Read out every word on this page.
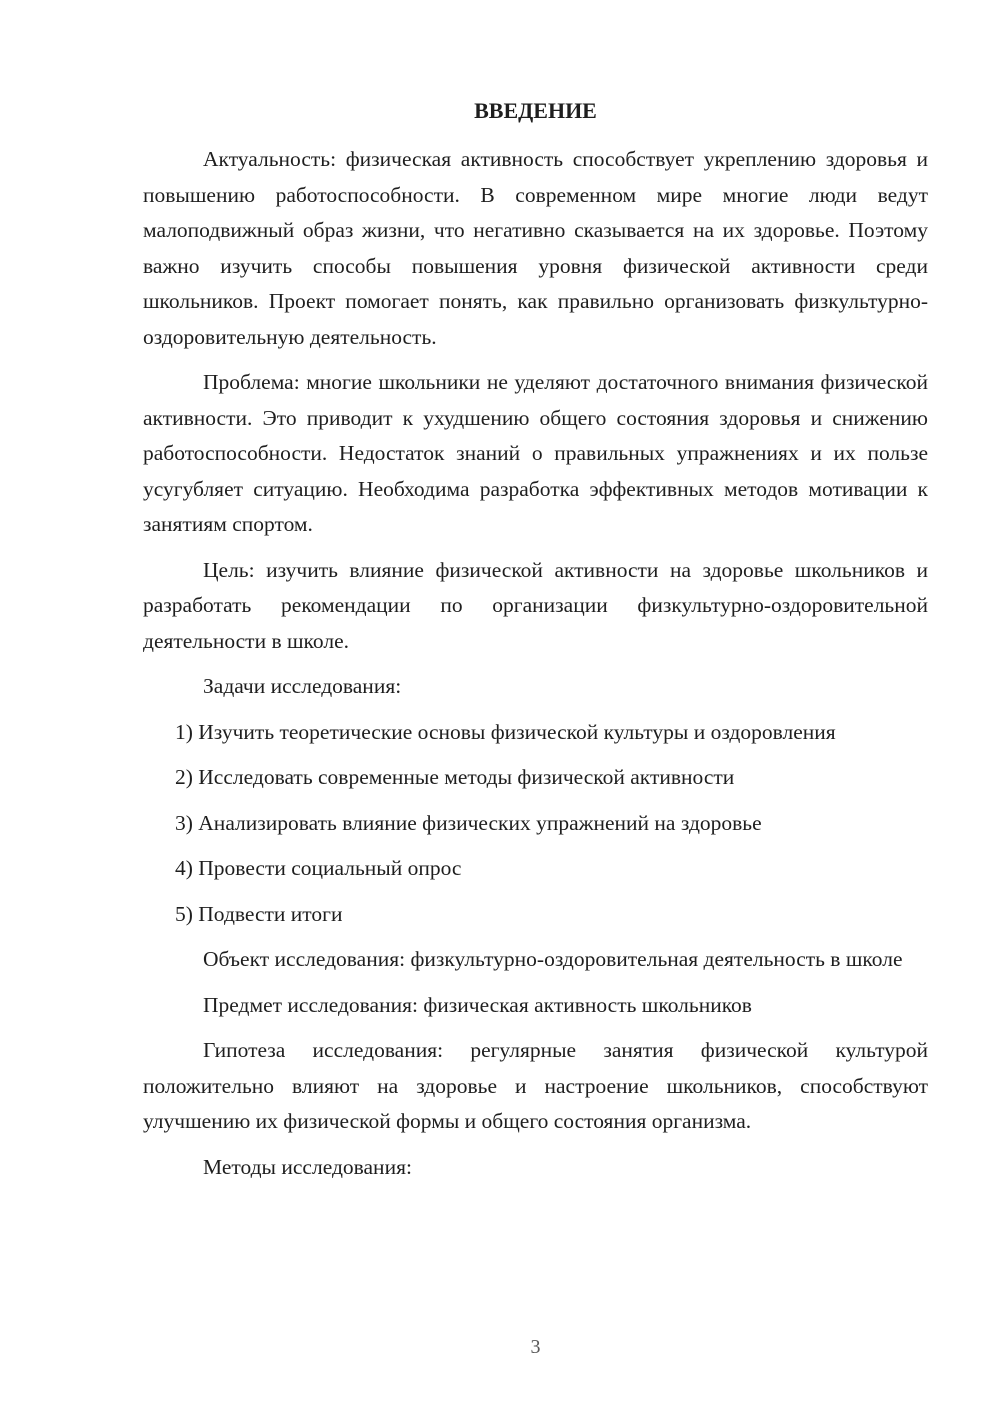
ВВЕДЕНИЕ

Актуальность: физическая активность способствует укреплению здоровья и повышению работоспособности. В современном мире многие люди ведут малоподвижный образ жизни, что негативно сказывается на их здоровье. Поэтому важно изучить способы повышения уровня физической активности среди школьников. Проект помогает понять, как правильно организовать физкультурно-оздоровительную деятельность.

Проблема: многие школьники не уделяют достаточного внимания физической активности. Это приводит к ухудшению общего состояния здоровья и снижению работоспособности. Недостаток знаний о правильных упражнениях и их пользе усугубляет ситуацию. Необходима разработка эффективных методов мотивации к занятиям спортом.

Цель: изучить влияние физической активности на здоровье школьников и разработать рекомендации по организации физкультурно-оздоровительной деятельности в школе.

Задачи исследования:

1) Изучить теоретические основы физической культуры и оздоровления

2) Исследовать современные методы физической активности

3) Анализировать влияние физических упражнений на здоровье

4) Провести социальный опрос

5) Подвести итоги

Объект исследования: физкультурно-оздоровительная деятельность в школе

Предмет исследования: физическая активность школьников

Гипотеза исследования: регулярные занятия физической культурой положительно влияют на здоровье и настроение школьников, способствуют улучшению их физической формы и общего состояния организма.

Методы исследования:

3
